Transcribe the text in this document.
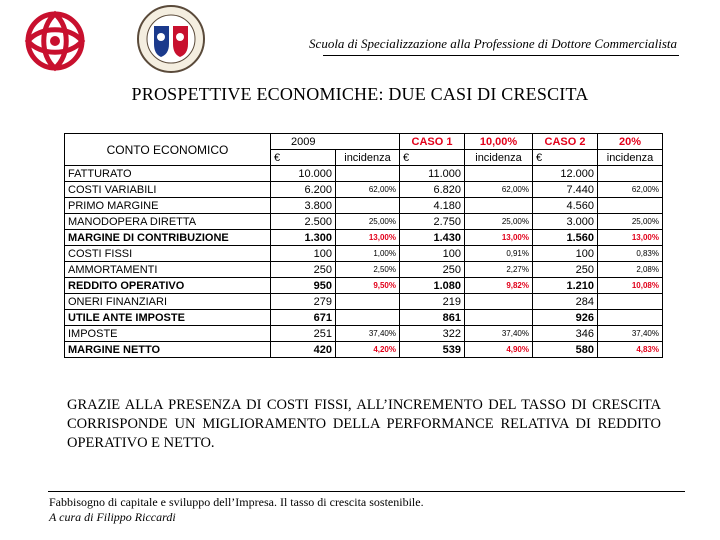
Scuola di Specializzazione alla Professione di Dottore Commercialista
PROSPETTIVE ECONOMICHE: DUE CASI DI CRESCITA
CONTO ECONOMICO	2009		CASO 1	10,00%	CASO 2	20%
	€	incidenza	€	incidenza	€	incidenza
FATTURATO	10.000		11.000		12.000	
COSTI VARIABILI	6.200	62,00%	6.820	62,00%	7.440	62,00%
PRIMO MARGINE	3.800		4.180		4.560	
MANODOPERA DIRETTA	2.500	25,00%	2.750	25,00%	3.000	25,00%
MARGINE DI CONTRIBUZIONE	1.300	13,00%	1.430	13,00%	1.560	13,00%
COSTI FISSI	100	1,00%	100	0,91%	100	0,83%
AMMORTAMENTI	250	2,50%	250	2,27%	250	2,08%
REDDITO OPERATIVO	950	9,50%	1.080	9,82%	1.210	10,08%
ONERI FINANZIARI	279		219		284	
UTILE ANTE IMPOSTE	671		861		926	
IMPOSTE	251	37,40%	322	37,40%	346	37,40%
MARGINE NETTO	420	4,20%	539	4,90%	580	4,83%
GRAZIE ALLA PRESENZA DI COSTI FISSI, ALL’INCREMENTO DEL TASSO DI CRESCITA CORRISPONDE UN MIGLIORAMENTO DELLA PERFORMANCE RELATIVA DI REDDITO OPERATIVO E NETTO.
Fabbisogno di capitale e sviluppo dell’Impresa. Il tasso di crescita sostenibile.
A cura di Filippo Riccardi
